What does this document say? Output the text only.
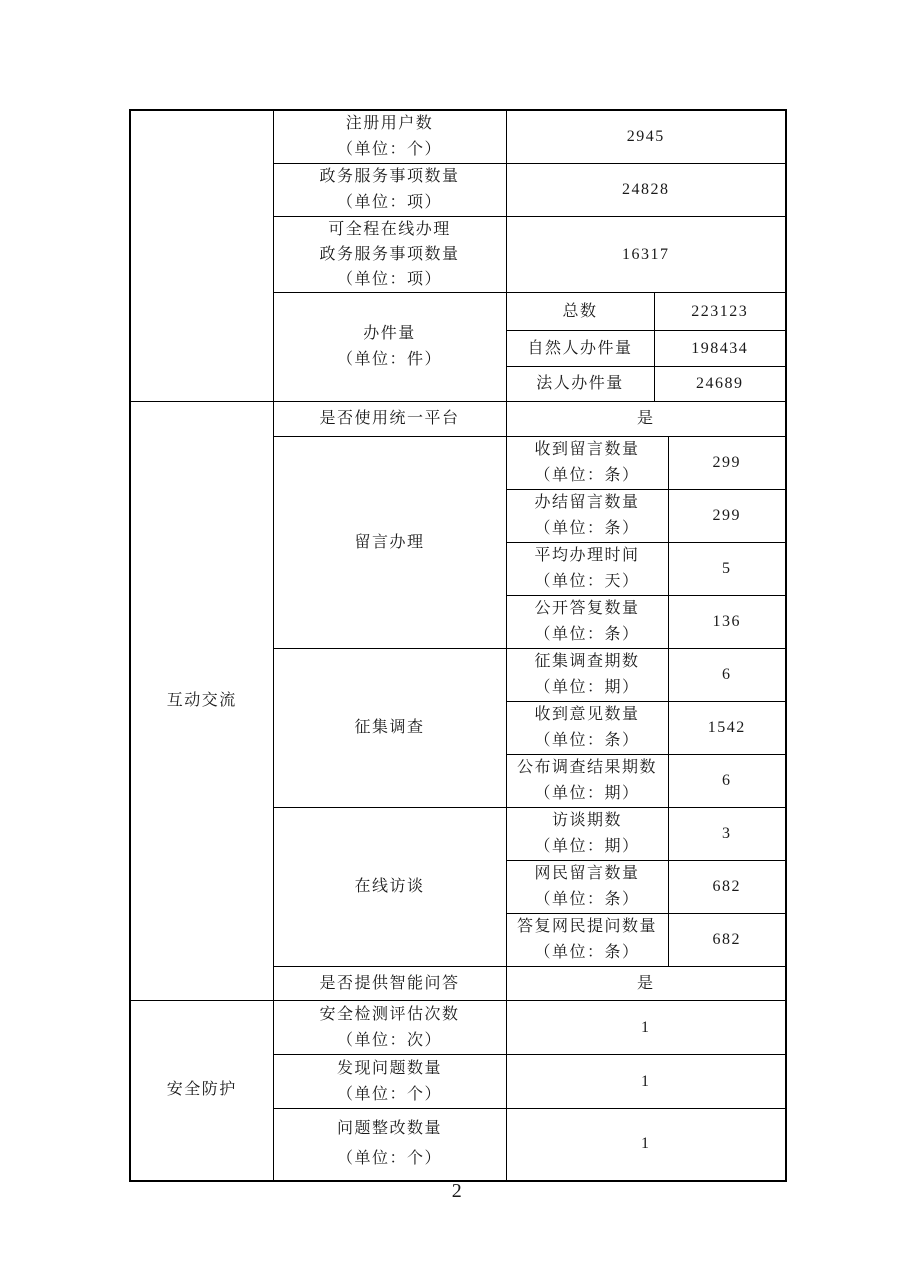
	注册用户数
（单位：个）	2945		

	政务服务事项数量
（单位：项）	24828		

	可全程在线办理
政务服务事项数量
（单位：项）	16317		

	办件量
（单位：件）	总数	223123	
		自然人办件量	198434	
		法人办件量	24689	
互动交流	是否使用统一平台	是		
	留言办理	收到留言数量
（单位：条）		299

		办结留言数量
（单位：条）		299

		平均办理时间
（单位：天）		5

		公开答复数量
（单位：条）		136
	征集调查	征集调查期数
（单位：期）		6

		收到意见数量
（单位：条）		1542

		公布调查结果期数
（单位：期）		6
	在线访谈	访谈期数
（单位：期）		3

		网民留言数量
（单位：条）		682

		答复网民提问数量
（单位：条）		682
	是否提供智能问答	是		
安全防护	安全检测评估次数
（单位：次）	1		

	发现问题数量
（单位：个）	1		

	问题整改数量
（单位：个）	1		
2
